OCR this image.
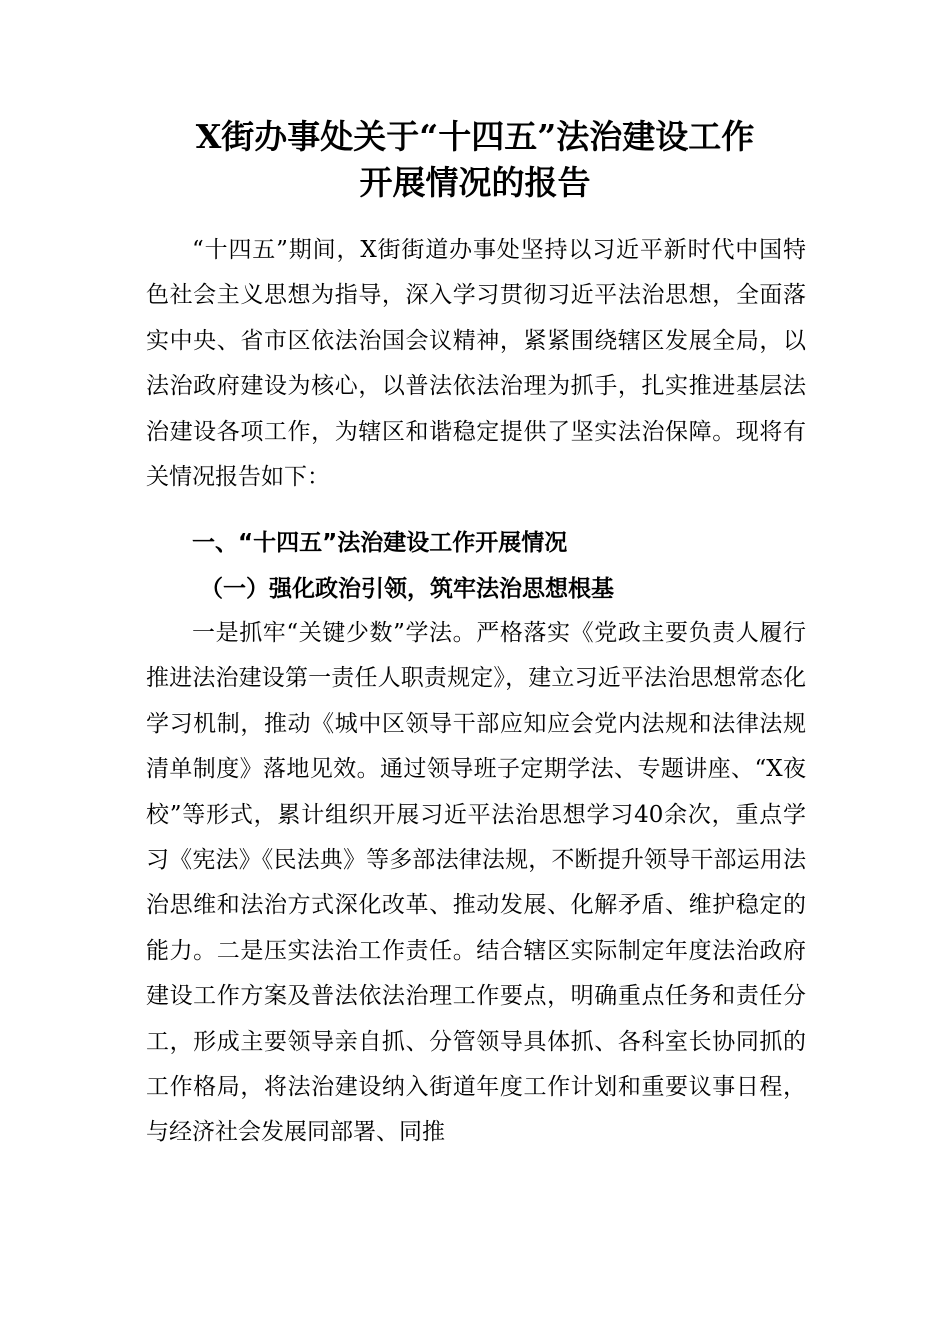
X街办事处关于“十四五”法治建设工作
开展情况的报告

“十四五”期间，X街街道办事处坚持以习近平新时代中国特色社会主义思想为指导，深入学习贯彻习近平法治思想，全面落实中央、省市区依法治国会议精神，紧紧围绕辖区发展全局，以法治政府建设为核心，以普法依法治理为抓手，扎实推进基层法治建设各项工作，为辖区和谐稳定提供了坚实法治保障。现将有关情况报告如下：

一、“十四五”法治建设工作开展情况
（一）强化政治引领，筑牢法治思想根基

一是抓牢“关键少数”学法。严格落实《党政主要负责人履行推进法治建设第一责任人职责规定》，建立习近平法治思想常态化学习机制，推动《城中区领导干部应知应会党内法规和法律法规清单制度》落地见效。通过领导班子定期学法、专题讲座、“X夜校”等形式，累计组织开展习近平法治思想学习40余次，重点学习《宪法》《民法典》等多部法律法规，不断提升领导干部运用法治思维和法治方式深化改革、推动发展、化解矛盾、维护稳定的能力。二是压实法治工作责任。结合辖区实际制定年度法治政府建设工作方案及普法依法治理工作要点，明确重点任务和责任分工，形成主要领导亲自抓、分管领导具体抓、各科室长协同抓的工作格局，将法治建设纳入街道年度工作计划和重要议事日程，与经济社会发展同部署、同推
